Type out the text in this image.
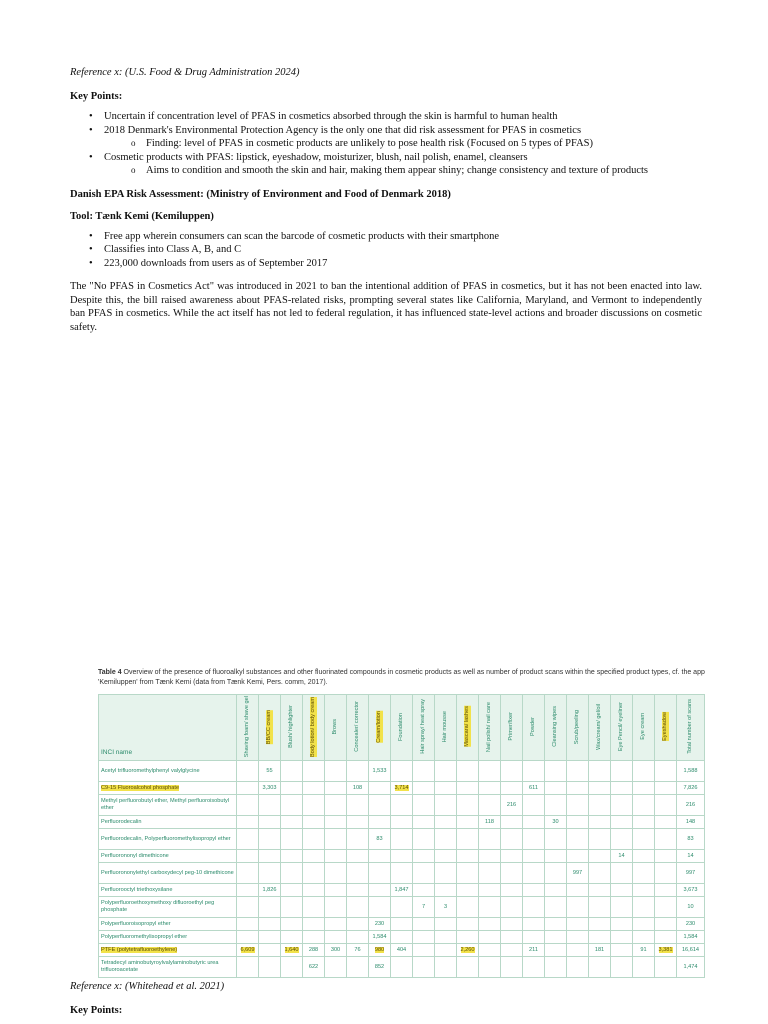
Reference x: (U.S. Food & Drug Administration 2024)

Key Points:

• Uncertain if concentration level of PFAS in cosmetics absorbed through the skin is harmful to human health
• 2018 Denmark's Environmental Protection Agency is the only one that did risk assessment for PFAS in cosmetics
o Finding: level of PFAS in cosmetic products are unlikely to pose health risk (Focused on 5 types of PFAS)
• Cosmetic products with PFAS: lipstick, eyeshadow, moisturizer, blush, nail polish, enamel, cleansers
o Aims to condition and smooth the skin and hair, making them appear shiny; change consistency and texture of products

Danish EPA Risk Assessment: (Ministry of Environment and Food of Denmark 2018)

Tool: Tænk Kemi (Kemiluppen)

• Free app wherein consumers can scan the barcode of cosmetic products with their smartphone
• Classifies into Class A, B, and C
• 223,000 downloads from users as of September 2017

The "No PFAS in Cosmetics Act" was introduced in 2021 to ban the intentional addition of PFAS in cosmetics, but it has not been enacted into law. Despite this, the bill raised awareness about PFAS-related risks, prompting several states like California, Maryland, and Vermont to independently ban PFAS in cosmetics. While the act itself has not led to federal regulation, it has influenced state-level actions and broader discussions on cosmetic safety.

Table 4 Overview of the presence of fluoroalkyl substances and other fluorinated compounds in cosmetic products as well as number of product scans within the specified product types, cf. the app 'Kemiluppen' from Tænk Kemi (data from Tænk Kemi, Pers. comm, 2017).

INCI name	Shaving foam/ shave gel	BB/CC cream	Blush/ highlighter	Body lotion/ body cream	Brows	Concealer/ corrector	Cream/lotion	Foundation	Hair spray/ heat spray	Hair mousse	Mascara/ lashes	Nail polish/ nail care	Primer/fixer	Powder	Cleansing wipes	Scrub/peeling	Wax/cream/ gel/oil	Eye Pencil/ eyeliner	Eye cream	Eyeshadow	Total number of scans
Acetyl trifluoromethylphenyl valylglycine		55					1,533														1,588
C9-15 Fluoroalcohol phosphate		3,303				108		3,714						611							7,826
Methyl perfluorobutyl ether, Methyl perfluoroisobutyl ether													216								216
Perfluorodecalin												118			30						148
Perfluorodecalin, Polyperfluoromethylisopropyl ether							83														83
Perfluorononyl dimethicone																		14			14
Perfluorononylethyl carboxydecyl peg-10 dimethicone																997					997
Perfluorooctyl triethoxysilane		1,826						1,847													3,673
Polyperfluoroethoxymethoxy difluoroethyl peg phosphate									7	3											10
Polyperfluoroisopropyl ether							230														230
Polyperfluoromethylisopropyl ether							1,584														1,584
PTFE (polytetrafluoroethylene)	6,609		1,640	288	300	76	980	404			2,260			211			181		91	3,381	16,614
Tetradecyl aminobutyroylvalylaminobutyric urea trifluoroacetate				622			852														1,474

Reference x: (Whitehead et al. 2021)

Key Points:
